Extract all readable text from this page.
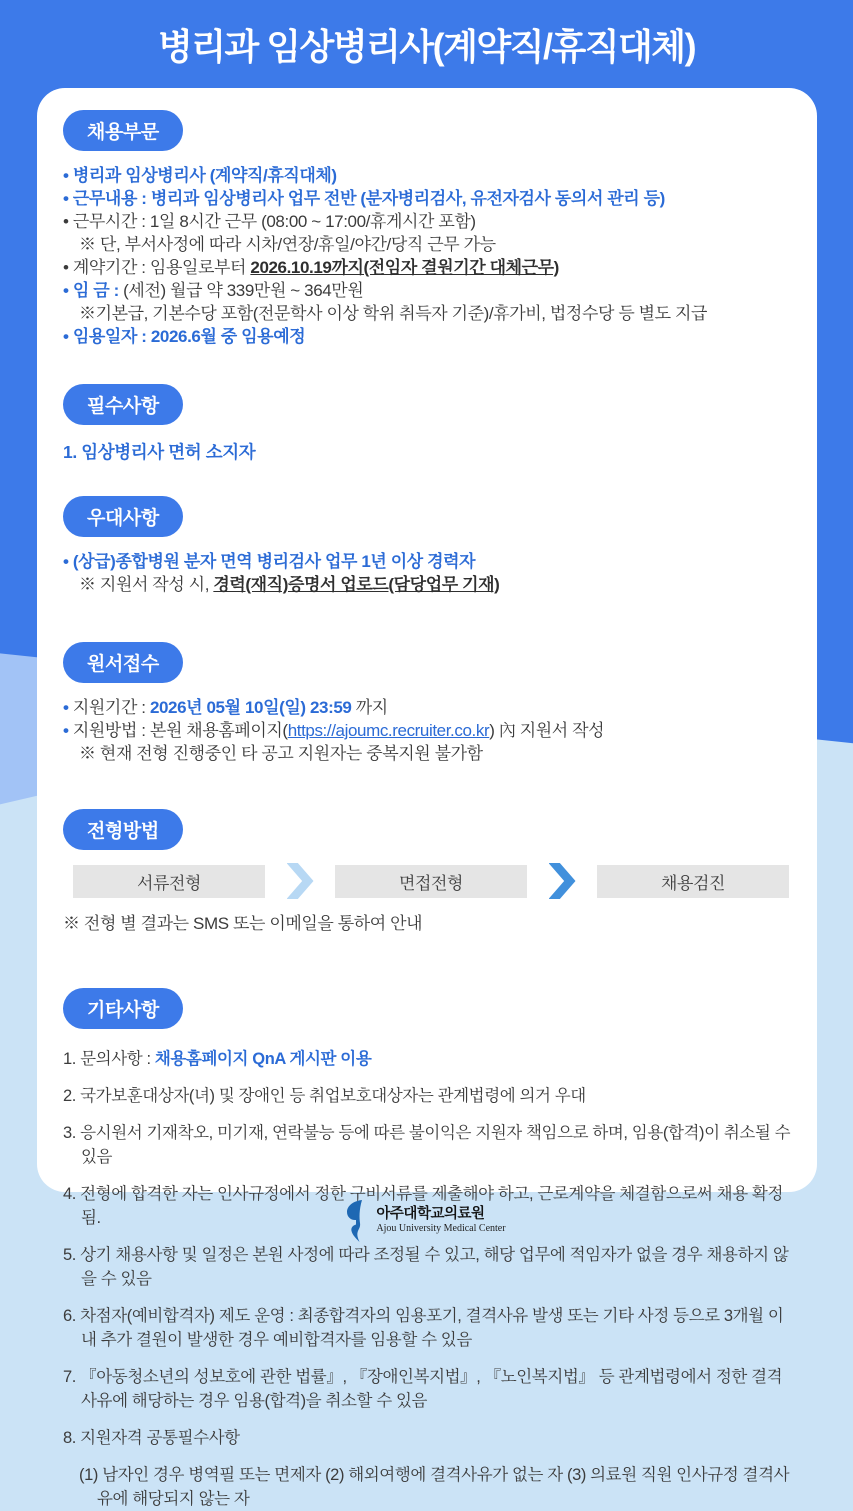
병리과 임상병리사(계약직/휴직대체)
채용부문
• 병리과 임상병리사 (계약직/휴직대체)
• 근무내용 : 병리과 임상병리사 업무 전반 (분자병리검사, 유전자검사 동의서 관리 등)
• 근무시간 : 1일 8시간 근무 (08:00 ~ 17:00/휴게시간 포함)
※ 단, 부서사정에 따라 시차/연장/휴일/야간/당직 근무 가능
• 계약기간 : 임용일로부터 2026.10.19까지(전임자 결원기간 대체근무)
• 임 금 : (세전) 월급 약 339만원 ~ 364만원
※기본급, 기본수당 포함(전문학사 이상 학위 취득자 기준)/휴가비, 법정수당 등 별도 지급
• 임용일자 : 2026.6월 중 임용예정
필수사항
1. 임상병리사 면허 소지자
우대사항
• (상급)종합병원 분자 면역 병리검사 업무 1년 이상 경력자
※ 지원서 작성 시, 경력(재직)증명서 업로드(담당업무 기재)
원서접수
• 지원기간 : 2026년 05월 10일(일) 23:59 까지
• 지원방법 : 본원 채용홈페이지(https://ajoumc.recruiter.co.kr) 內 지원서 작성
※ 현재 전형 진행중인 타 공고 지원자는 중복지원 불가함
전형방법
서류전형	면접전형	채용검진
※ 전형 별 결과는 SMS 또는 이메일을 통하여 안내
기타사항
1. 문의사항 : 채용홈페이지 QnA 게시판 이용
2. 국가보훈대상자(녀) 및 장애인 등 취업보호대상자는 관계법령에 의거 우대
3. 응시원서 기재착오, 미기재, 연락불능 등에 따른 불이익은 지원자 책임으로 하며, 임용(합격)이 취소될 수 있음
4. 전형에 합격한 자는 인사규정에서 정한 구비서류를 제출해야 하고, 근로계약을 체결함으로써 채용 확정됨.
5. 상기 채용사항 및 일정은 본원 사정에 따라 조정될 수 있고, 해당 업무에 적임자가 없을 경우 채용하지 않을 수 있음
6. 차점자(예비합격자) 제도 운영 : 최종합격자의 임용포기, 결격사유 발생 또는 기타 사정 등으로 3개월 이내 추가 결원이 발생한 경우 예비합격자를 임용할 수 있음
7. 『아동청소년의 성보호에 관한 법률』, 『장애인복지법』, 『노인복지법』 등 관계법령에서 정한 결격사유에 해당하는 경우 임용(합격)을 취소할 수 있음
8. 지원자격 공통필수사항
(1) 남자인 경우 병역필 또는 면제자 (2) 해외여행에 결격사유가 없는 자 (3) 의료원 직원 인사규정 결격사유에 해당되지 않는 자
아주대학교의료원
Ajou University Medical Center
